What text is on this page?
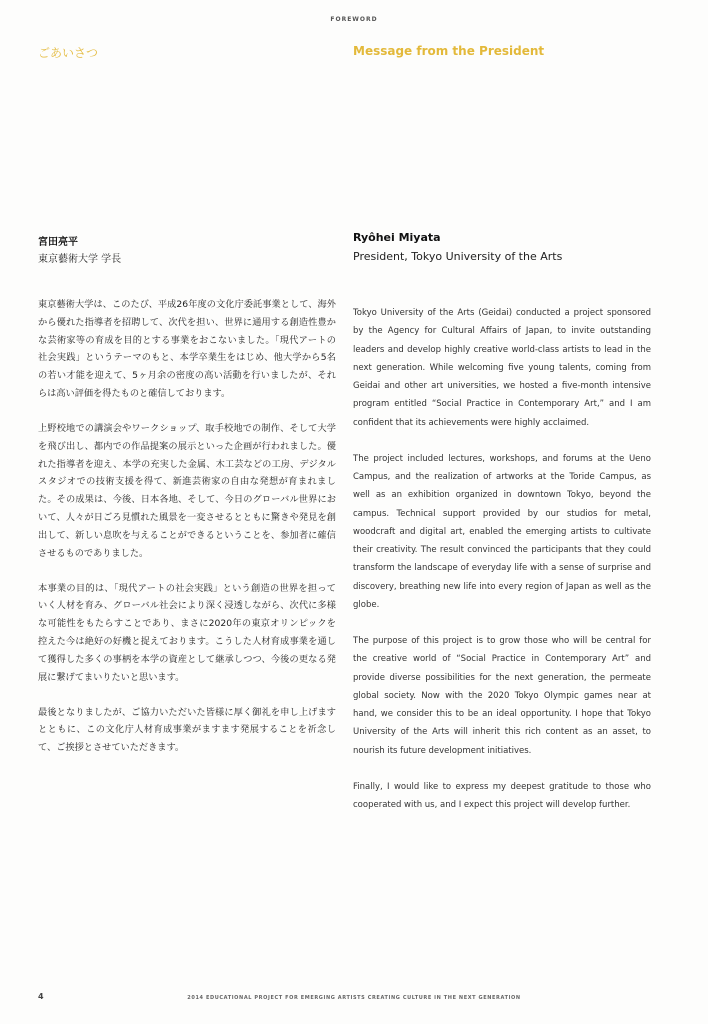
FOREWORD
ごあいさつ	Message from the President
宮田亮平
東京藝術大学 学長
Ryôhei Miyata
President, Tokyo University of the Arts

東京藝術大学は、このたび、平成26年度の文化庁委託事業として、海外から優れた指導者を招聘して、次代を担い、世界に通用する創造性豊かな芸術家等の育成を目的とする事業をおこないました。「現代アートの社会実践」というテーマのもと、本学卒業生をはじめ、他大学から5名の若い才能を迎えて、5ヶ月余の密度の高い活動を行いましたが、それらは高い評価を得たものと確信しております。

上野校地での講演会やワークショップ、取手校地での制作、そして大学を飛び出し、都内での作品提案の展示といった企画が行われました。優れた指導者を迎え、本学の充実した金属、木工芸などの工房、デジタルスタジオでの技術支援を得て、新進芸術家の自由な発想が育まれました。その成果は、今後、日本各地、そして、今日のグローバル世界において、人々が日ごろ見慣れた風景を一変させるとともに驚きや発見を創出して、新しい息吹を与えることができるということを、参加者に確信させるものでありました。

本事業の目的は、「現代アートの社会実践」という創造の世界を担っていく人材を育み、グローバル社会により深く浸透しながら、次代に多様な可能性をもたらすことであり、まさに2020年の東京オリンピックを控えた今は絶好の好機と捉えております。こうした人材育成事業を通して獲得した多くの事柄を本学の資産として継承しつつ、今後の更なる発展に繋げてまいりたいと思います。

最後となりましたが、ご協力いただいた皆様に厚く御礼を申し上げますとともに、この文化庁人材育成事業がますます発展することを祈念して、ご挨拶とさせていただきます。

Tokyo University of the Arts (Geidai) conducted a project sponsored by the Agency for Cultural Affairs of Japan, to invite outstanding leaders and develop highly creative world-class artists to lead in the next generation. While welcoming five young talents, coming from Geidai and other art universities, we hosted a five-month intensive program entitled “Social Practice in Contemporary Art,” and I am confident that its achievements were highly acclaimed.

The project included lectures, workshops, and forums at the Ueno Campus, and the realization of artworks at the Toride Campus, as well as an exhibition organized in downtown Tokyo, beyond the campus. Technical support provided by our studios for metal, woodcraft and digital art, enabled the emerging artists to cultivate their creativity. The result convinced the participants that they could transform the landscape of everyday life with a sense of surprise and discovery, breathing new life into every region of Japan as well as the globe.

The purpose of this project is to grow those who will be central for the creative world of “Social Practice in Contemporary Art” and provide diverse possibilities for the next generation, the permeate global society. Now with the 2020 Tokyo Olympic games near at hand, we consider this to be an ideal opportunity. I hope that Tokyo University of the Arts will inherit this rich content as an asset, to nourish its future development initiatives.

Finally, I would like to express my deepest gratitude to those who cooperated with us, and I expect this project will develop further.

4	2014 EDUCATIONAL PROJECT FOR EMERGING ARTISTS CREATING CULTURE IN THE NEXT GENERATION
